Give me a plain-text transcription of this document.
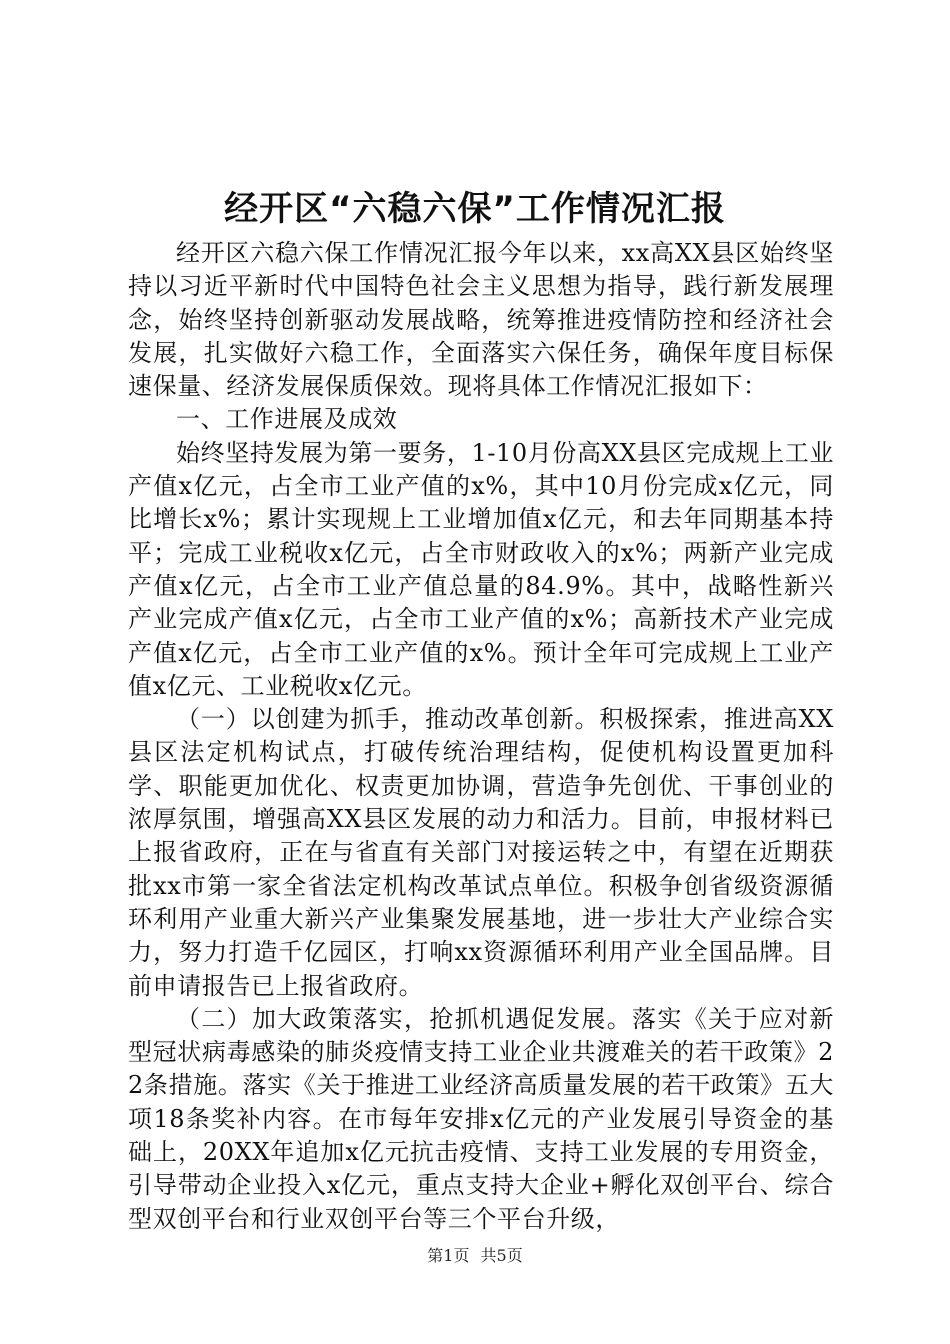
经开区“六稳六保”工作情况汇报

经开区六稳六保工作情况汇报今年以来，xx高XX县区始终坚持以习近平新时代中国特色社会主义思想为指导，践行新发展理念，始终坚持创新驱动发展战略，统筹推进疫情防控和经济社会发展，扎实做好六稳工作，全面落实六保任务，确保年度目标保速保量、经济发展保质保效。现将具体工作情况汇报如下：

一、工作进展及成效

始终坚持发展为第一要务，1-10月份高XX县区完成规上工业产值x亿元，占全市工业产值的x%，其中10月份完成x亿元，同比增长x%；累计实现规上工业增加值x亿元，和去年同期基本持平；完成工业税收x亿元，占全市财政收入的x%；两新产业完成产值x亿元，占全市工业产值总量的84.9%。其中，战略性新兴产业完成产值x亿元，占全市工业产值的x%；高新技术产业完成产值x亿元，占全市工业产值的x%。预计全年可完成规上工业产值x亿元、工业税收x亿元。

（一）以创建为抓手，推动改革创新。积极探索，推进高XX县区法定机构试点，打破传统治理结构，促使机构设置更加科学、职能更加优化、权责更加协调，营造争先创优、干事创业的浓厚氛围，增强高XX县区发展的动力和活力。目前，申报材料已上报省政府，正在与省直有关部门对接运转之中，有望在近期获批xx市第一家全省法定机构改革试点单位。积极争创省级资源循环利用产业重大新兴产业集聚发展基地，进一步壮大产业综合实力，努力打造千亿园区，打响xx资源循环利用产业全国品牌。目前申请报告已上报省政府。

（二）加大政策落实，抢抓机遇促发展。落实《关于应对新型冠状病毒感染的肺炎疫情支持工业企业共渡难关的若干政策》22条措施。落实《关于推进工业经济高质量发展的若干政策》五大项18条奖补内容。在市每年安排x亿元的产业发展引导资金的基础上，20XX年追加x亿元抗击疫情、支持工业发展的专用资金，引导带动企业投入x亿元，重点支持大企业+孵化双创平台、综合型双创平台和行业双创平台等三个平台升级，

第1页 共5页
